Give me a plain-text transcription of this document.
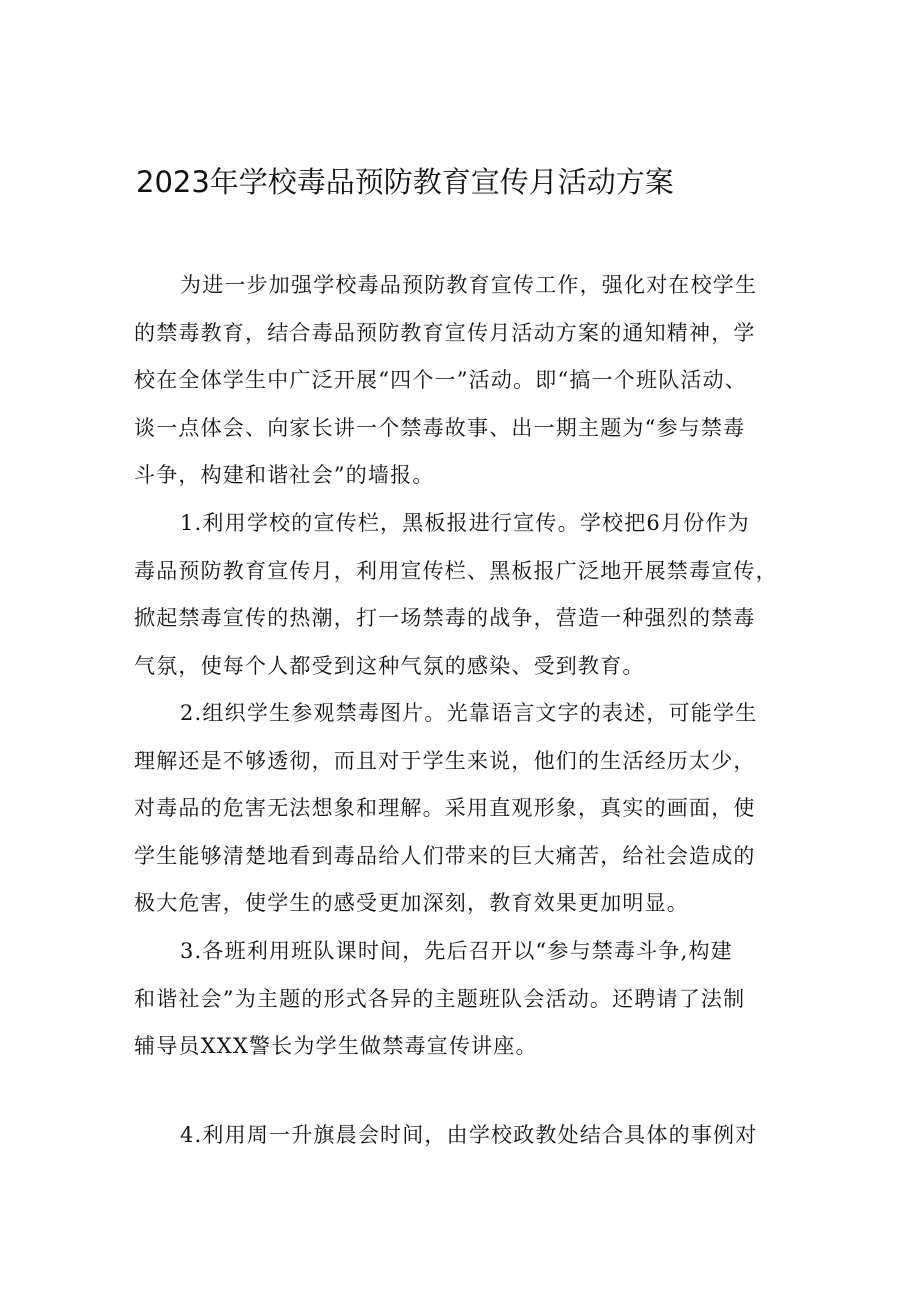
2023年学校毒品预防教育宣传月活动方案
为进一步加强学校毒品预防教育宣传工作，强化对在校学生
的禁毒教育，结合毒品预防教育宣传月活动方案的通知精神，学
校在全体学生中广泛开展“四个一”活动。即“搞一个班队活动、
谈一点体会、向家长讲一个禁毒故事、出一期主题为“参与禁毒
斗争，构建和谐社会”的墙报。
1.利用学校的宣传栏，黑板报进行宣传。学校把6月份作为
毒品预防教育宣传月，利用宣传栏、黑板报广泛地开展禁毒宣传，
掀起禁毒宣传的热潮，打一场禁毒的战争，营造一种强烈的禁毒
气氛，使每个人都受到这种气氛的感染、受到教育。
2.组织学生参观禁毒图片。光靠语言文字的表述，可能学生
理解还是不够透彻，而且对于学生来说，他们的生活经历太少，
对毒品的危害无法想象和理解。采用直观形象，真实的画面，使
学生能够清楚地看到毒品给人们带来的巨大痛苦，给社会造成的
极大危害，使学生的感受更加深刻，教育效果更加明显。
3.各班利用班队课时间，先后召开以“参与禁毒斗争,构建
和谐社会”为主题的形式各异的主题班队会活动。还聘请了法制
辅导员XXX警长为学生做禁毒宣传讲座。
4.利用周一升旗晨会时间，由学校政教处结合具体的事例对
